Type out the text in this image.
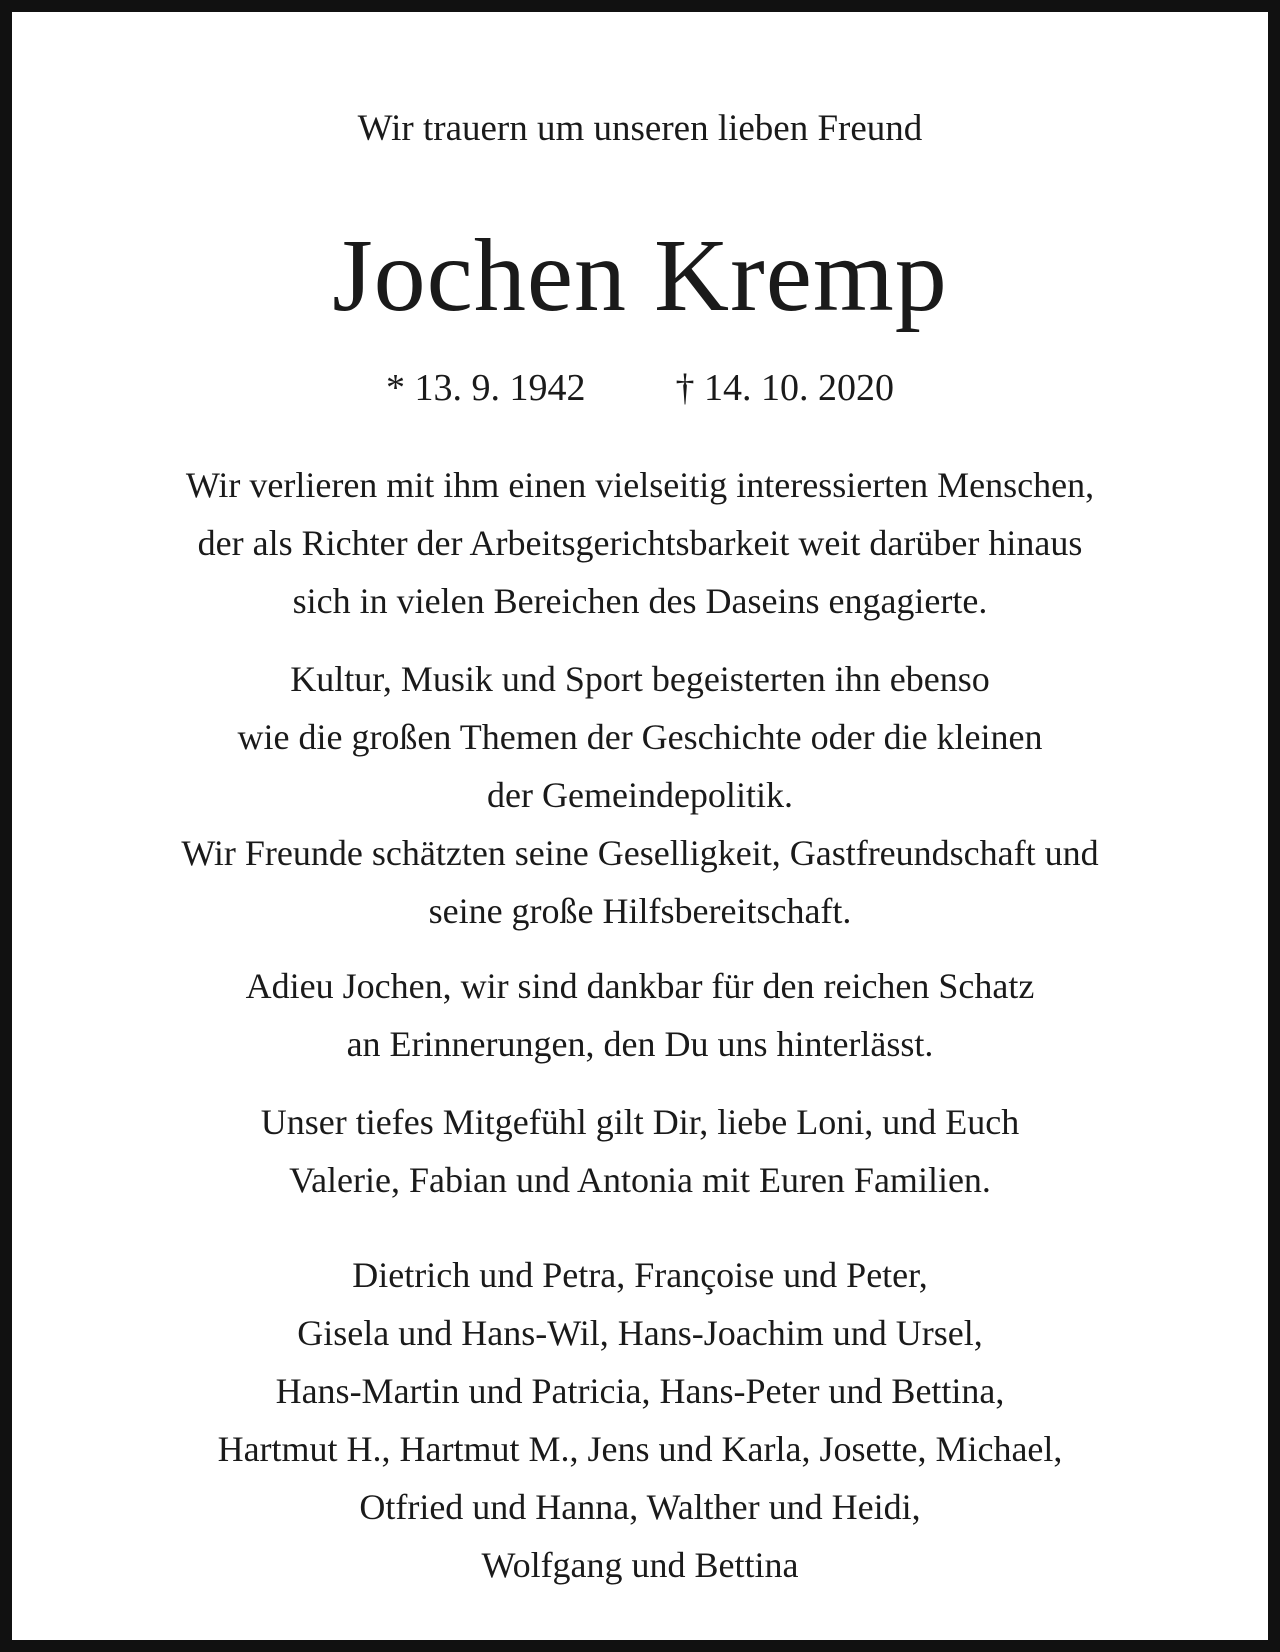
Wir trauern um unseren lieben Freund
Jochen Kremp
* 13. 9. 1942 † 14. 10. 2020
Wir verlieren mit ihm einen vielseitig interessierten Menschen,
der als Richter der Arbeitsgerichtsbarkeit weit darüber hinaus
sich in vielen Bereichen des Daseins engagierte.
Kultur, Musik und Sport begeisterten ihn ebenso
wie die großen Themen der Geschichte oder die kleinen
der Gemeindepolitik.
Wir Freunde schätzten seine Geselligkeit, Gastfreundschaft und
seine große Hilfsbereitschaft.
Adieu Jochen, wir sind dankbar für den reichen Schatz
an Erinnerungen, den Du uns hinterlässt.
Unser tiefes Mitgefühl gilt Dir, liebe Loni, und Euch
Valerie, Fabian und Antonia mit Euren Familien.
Dietrich und Petra, Françoise und Peter,
Gisela und Hans-Wil, Hans-Joachim und Ursel,
Hans-Martin und Patricia, Hans-Peter und Bettina,
Hartmut H., Hartmut M., Jens und Karla, Josette, Michael,
Otfried und Hanna, Walther und Heidi,
Wolfgang und Bettina
